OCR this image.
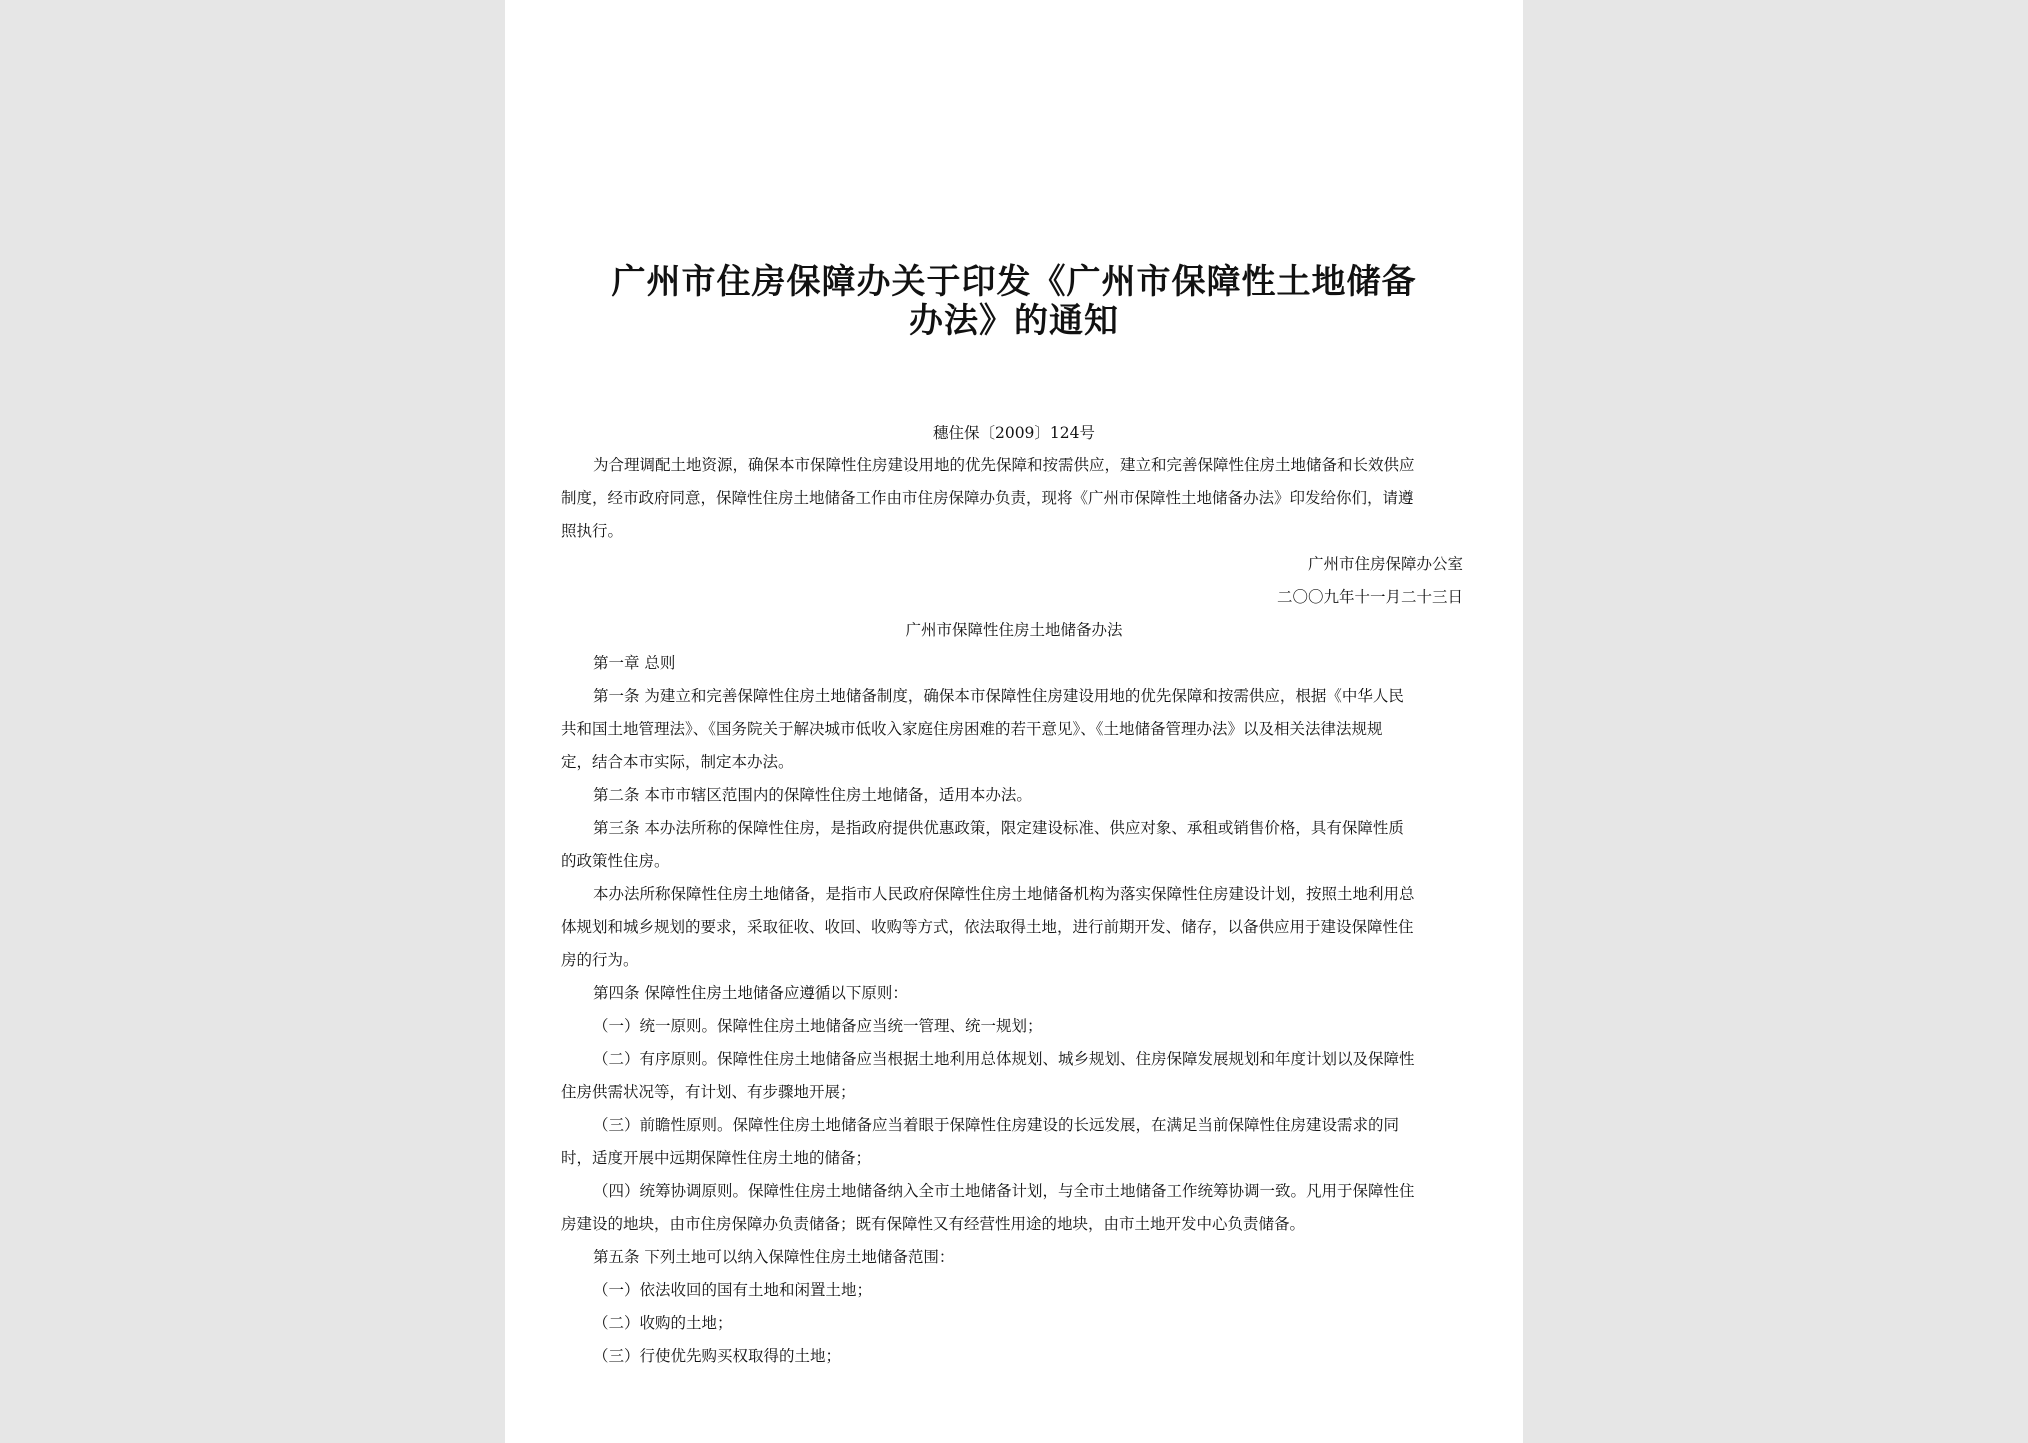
广州市住房保障办关于印发《广州市保障性土地储备
办法》的通知
穗住保〔2009〕124号
为合理调配土地资源，确保本市保障性住房建设用地的优先保障和按需供应，建立和完善保障性住房土地储备和长效供应
制度，经市政府同意，保障性住房土地储备工作由市住房保障办负责，现将《广州市保障性土地储备办法》印发给你们，请遵
照执行。
广州市住房保障办公室
二〇〇九年十一月二十三日
广州市保障性住房土地储备办法
第一章 总则
第一条 为建立和完善保障性住房土地储备制度，确保本市保障性住房建设用地的优先保障和按需供应，根据《中华人民
共和国土地管理法》、《国务院关于解决城市低收入家庭住房困难的若干意见》、《土地储备管理办法》以及相关法律法规规
定，结合本市实际，制定本办法。
第二条 本市市辖区范围内的保障性住房土地储备，适用本办法。
第三条 本办法所称的保障性住房，是指政府提供优惠政策，限定建设标准、供应对象、承租或销售价格，具有保障性质
的政策性住房。
本办法所称保障性住房土地储备，是指市人民政府保障性住房土地储备机构为落实保障性住房建设计划，按照土地利用总
体规划和城乡规划的要求，采取征收、收回、收购等方式，依法取得土地，进行前期开发、储存，以备供应用于建设保障性住
房的行为。
第四条 保障性住房土地储备应遵循以下原则：
（一）统一原则。保障性住房土地储备应当统一管理、统一规划；
（二）有序原则。保障性住房土地储备应当根据土地利用总体规划、城乡规划、住房保障发展规划和年度计划以及保障性
住房供需状况等，有计划、有步骤地开展；
（三）前瞻性原则。保障性住房土地储备应当着眼于保障性住房建设的长远发展，在满足当前保障性住房建设需求的同
时，适度开展中远期保障性住房土地的储备；
（四）统筹协调原则。保障性住房土地储备纳入全市土地储备计划，与全市土地储备工作统筹协调一致。凡用于保障性住
房建设的地块，由市住房保障办负责储备；既有保障性又有经营性用途的地块，由市土地开发中心负责储备。
第五条 下列土地可以纳入保障性住房土地储备范围：
（一）依法收回的国有土地和闲置土地；
（二）收购的土地；
（三）行使优先购买权取得的土地；
